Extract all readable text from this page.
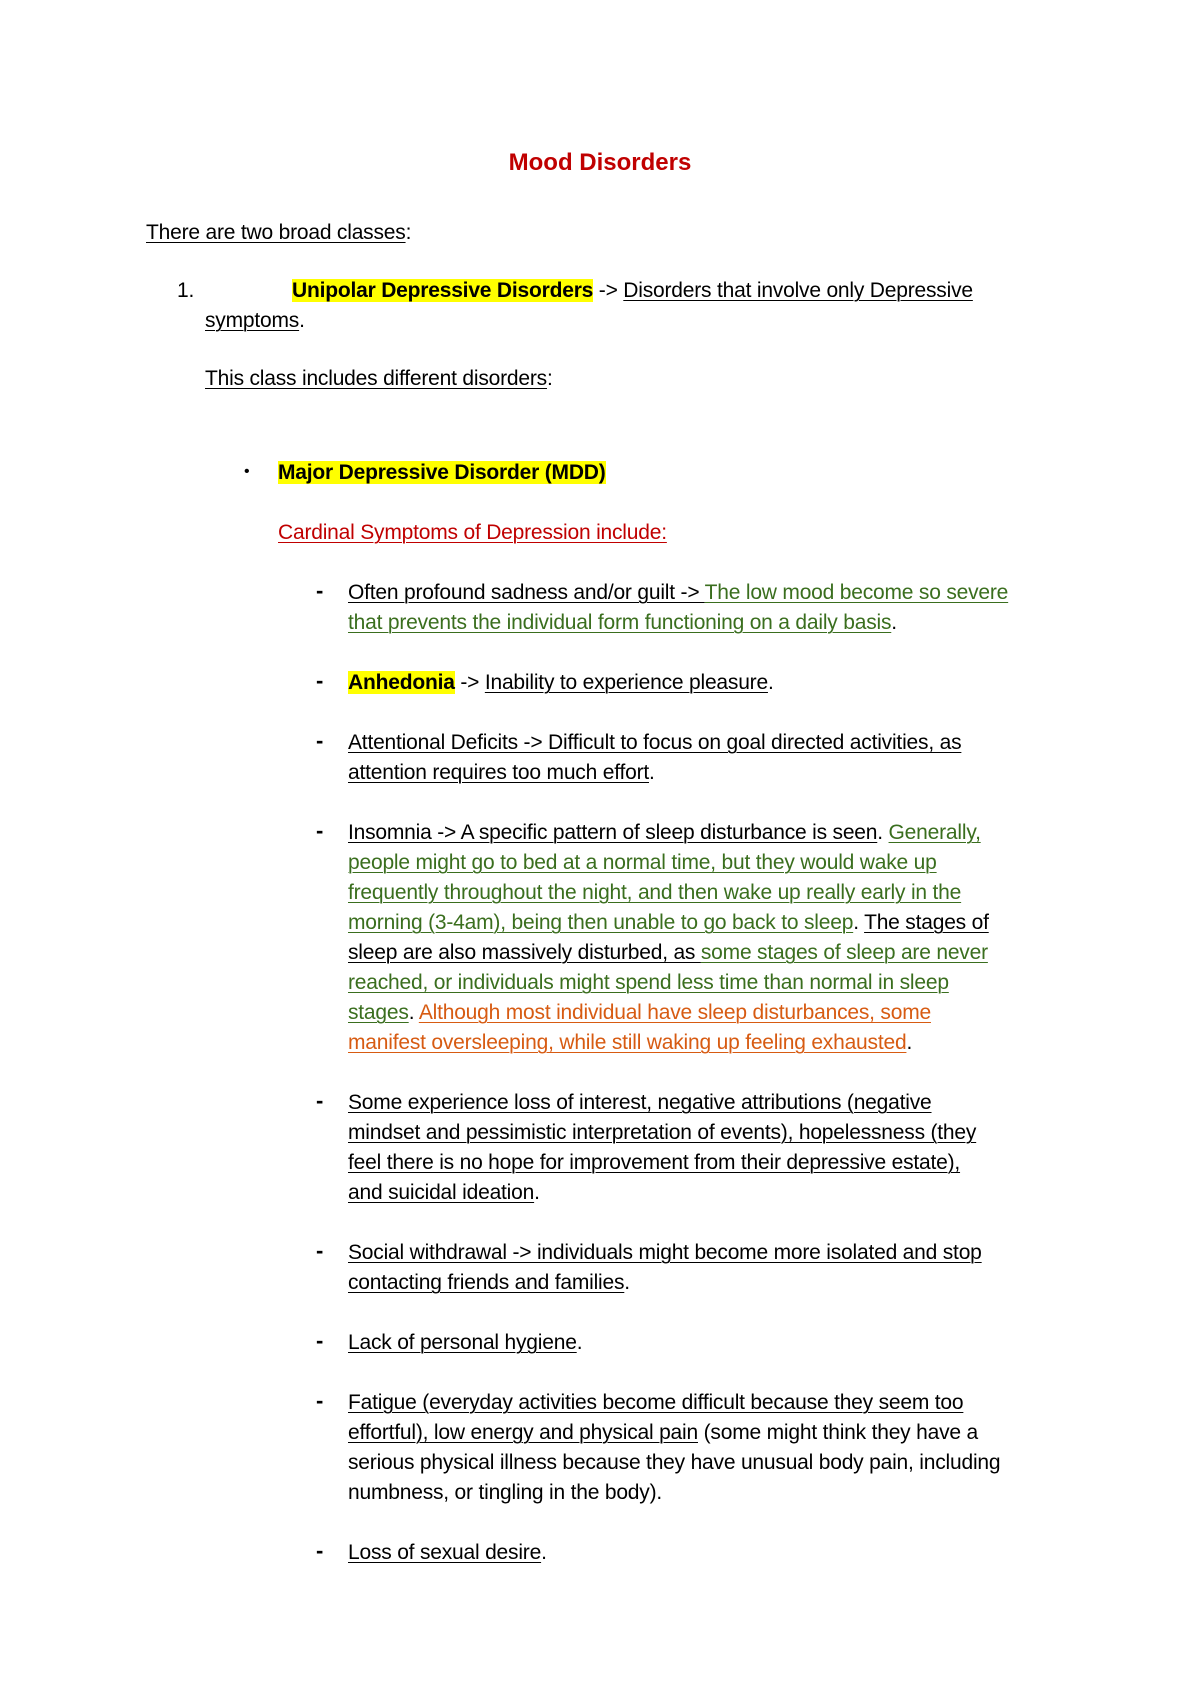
Mood Disorders
There are two broad classes:
1.	Unipolar Depressive Disorders -> Disorders that involve only Depressive
symptoms.
This class includes different disorders:
• Major Depressive Disorder (MDD)
Cardinal Symptoms of Depression include:
- Often profound sadness and/or guilt -> The low mood become so severe
that prevents the individual form functioning on a daily basis.
- Anhedonia -> Inability to experience pleasure.
- Attentional Deficits -> Difficult to focus on goal directed activities, as
attention requires too much effort.
- Insomnia -> A specific pattern of sleep disturbance is seen. Generally,
people might go to bed at a normal time, but they would wake up
frequently throughout the night, and then wake up really early in the
morning (3-4am), being then unable to go back to sleep. The stages of
sleep are also massively disturbed, as some stages of sleep are never
reached, or individuals might spend less time than normal in sleep
stages. Although most individual have sleep disturbances, some
manifest oversleeping, while still waking up feeling exhausted.
- Some experience loss of interest, negative attributions (negative
mindset and pessimistic interpretation of events), hopelessness (they
feel there is no hope for improvement from their depressive estate),
and suicidal ideation.
- Social withdrawal -> individuals might become more isolated and stop
contacting friends and families.
- Lack of personal hygiene.
- Fatigue (everyday activities become difficult because they seem too
effortful), low energy and physical pain (some might think they have a
serious physical illness because they have unusual body pain, including
numbness, or tingling in the body).
- Loss of sexual desire.
